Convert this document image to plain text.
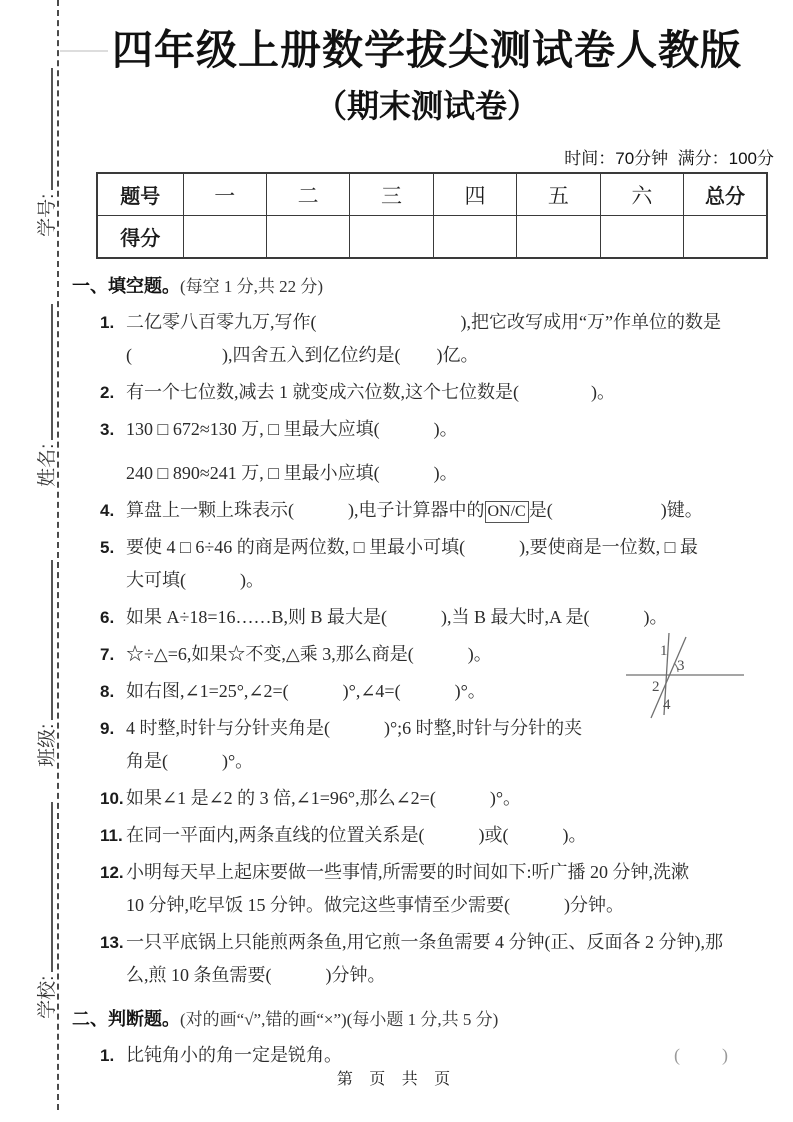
学号:

姓名:

班级:

学校:

四年级上册数学拔尖测试卷人教版
（期末测试卷）
时间：70分钟  满分：100分
题号	一	二	三	四	五	六	总分
得分							
一、填空题。(每空 1 分,共 22 分)
1. 二亿零八百零九万,写作(　　　　　　　　),把它改写成用“万”作单位的数是
(　　　　　),四舍五入到亿位约是(　　)亿。
2. 有一个七位数,减去 1 就变成六位数,这个七位数是(　　　　)。
3. 130 □ 672≈130 万, □ 里最大应填(　　　)。
240 □ 890≈241 万, □ 里最小应填(　　　)。
4. 算盘上一颗上珠表示(　　　),电子计算器中的 ON/C 是(　　　　　　)键。
5. 要使 4 □ 6÷46 的商是两位数, □ 里最小可填(　　　),要使商是一位数, □ 最
大可填(　　　)。
6. 如果 A÷18=16……B,则 B 最大是(　　　),当 B 最大时,A 是(　　　)。
7. ☆÷△=6,如果☆不变,△乘 3,那么商是(　　　)。
8. 如右图,∠1=25°,∠2=(　　　)°,∠4=(　　　)°。
9. 4 时整,时针与分针夹角是(　　　)°;6 时整,时针与分针的夹
角是(　　　)°。
10. 如果∠1 是∠2 的 3 倍,∠1=96°,那么∠2=(　　　)°。
11. 在同一平面内,两条直线的位置关系是(　　　)或(　　　)。
12. 小明每天早上起床要做一些事情,所需要的时间如下:听广播 20 分钟,洗漱
10 分钟,吃早饭 15 分钟。做完这些事情至少需要(　　　)分钟。
13. 一只平底锅上只能煎两条鱼,用它煎一条鱼需要 4 分钟(正、反面各 2 分钟),那
么,煎 10 条鱼需要(　　　)分钟。
二、判断题。(对的画“√”,错的画“×”)(每小题 1 分,共 5 分)
1. 比钝角小的角一定是锐角。	(　　)
1
3
2
4
第 页 共 页
